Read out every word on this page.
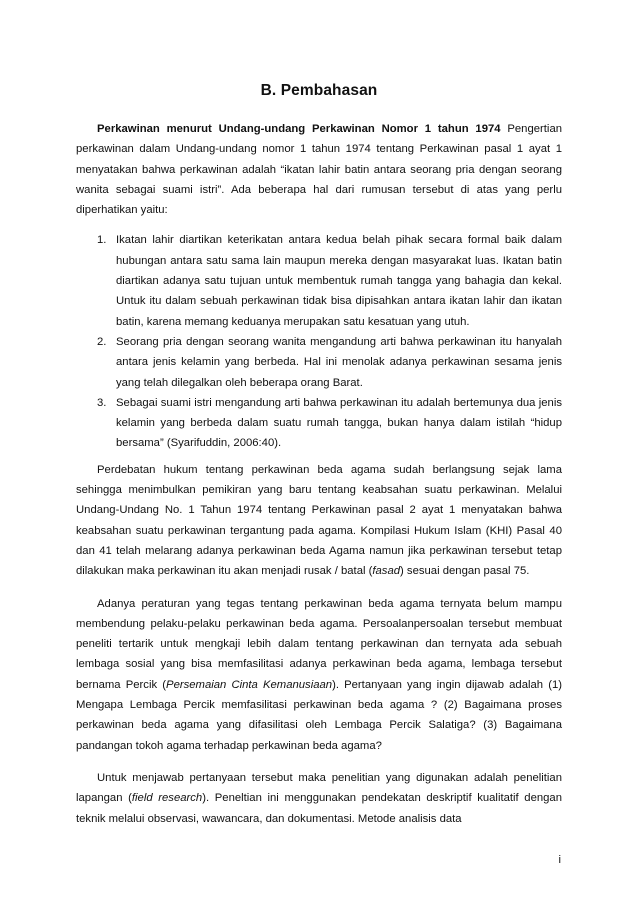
B. Pembahasan

Perkawinan menurut Undang-undang Perkawinan Nomor 1 tahun 1974 Pengertian perkawinan dalam Undang-undang nomor 1 tahun 1974 tentang Perkawinan pasal 1 ayat 1 menyatakan bahwa perkawinan adalah “ikatan lahir batin antara seorang pria dengan seorang wanita sebagai suami istri”. Ada beberapa hal dari rumusan tersebut di atas yang perlu diperhatikan yaitu:

1. Ikatan lahir diartikan keterikatan antara kedua belah pihak secara formal baik dalam hubungan antara satu sama lain maupun mereka dengan masyarakat luas. Ikatan batin diartikan adanya satu tujuan untuk membentuk rumah tangga yang bahagia dan kekal. Untuk itu dalam sebuah perkawinan tidak bisa dipisahkan antara ikatan lahir dan ikatan batin, karena memang keduanya merupakan satu kesatuan yang utuh.
2. Seorang pria dengan seorang wanita mengandung arti bahwa perkawinan itu hanyalah antara jenis kelamin yang berbeda. Hal ini menolak adanya perkawinan sesama jenis yang telah dilegalkan oleh beberapa orang Barat.
3. Sebagai suami istri mengandung arti bahwa perkawinan itu adalah bertemunya dua jenis kelamin yang berbeda dalam suatu rumah tangga, bukan hanya dalam istilah “hidup bersama” (Syarifuddin, 2006:40).

Perdebatan hukum tentang perkawinan beda agama sudah berlangsung sejak lama sehingga menimbulkan pemikiran yang baru tentang keabsahan suatu perkawinan. Melalui Undang-Undang No. 1 Tahun 1974 tentang Perkawinan pasal 2 ayat 1 menyatakan bahwa keabsahan suatu perkawinan tergantung pada agama. Kompilasi Hukum Islam (KHI) Pasal 40 dan 41 telah melarang adanya perkawinan beda Agama namun jika perkawinan tersebut tetap dilakukan maka perkawinan itu akan menjadi rusak / batal (fasad) sesuai dengan pasal 75.

Adanya peraturan yang tegas tentang perkawinan beda agama ternyata belum mampu membendung pelaku-pelaku perkawinan beda agama. Persoalanpersoalan tersebut membuat peneliti tertarik untuk mengkaji lebih dalam tentang perkawinan dan ternyata ada sebuah lembaga sosial yang bisa memfasilitasi adanya perkawinan beda agama, lembaga tersebut bernama Percik (Persemaian Cinta Kemanusiaan). Pertanyaan yang ingin dijawab adalah (1) Mengapa Lembaga Percik memfasilitasi perkawinan beda agama ? (2) Bagaimana proses perkawinan beda agama yang difasilitasi oleh Lembaga Percik Salatiga? (3) Bagaimana pandangan tokoh agama terhadap perkawinan beda agama?

Untuk menjawab pertanyaan tersebut maka penelitian yang digunakan adalah penelitian lapangan (field research). Peneltian ini menggunakan pendekatan deskriptif kualitatif dengan teknik melalui observasi, wawancara, dan dokumentasi. Metode analisis data

i
